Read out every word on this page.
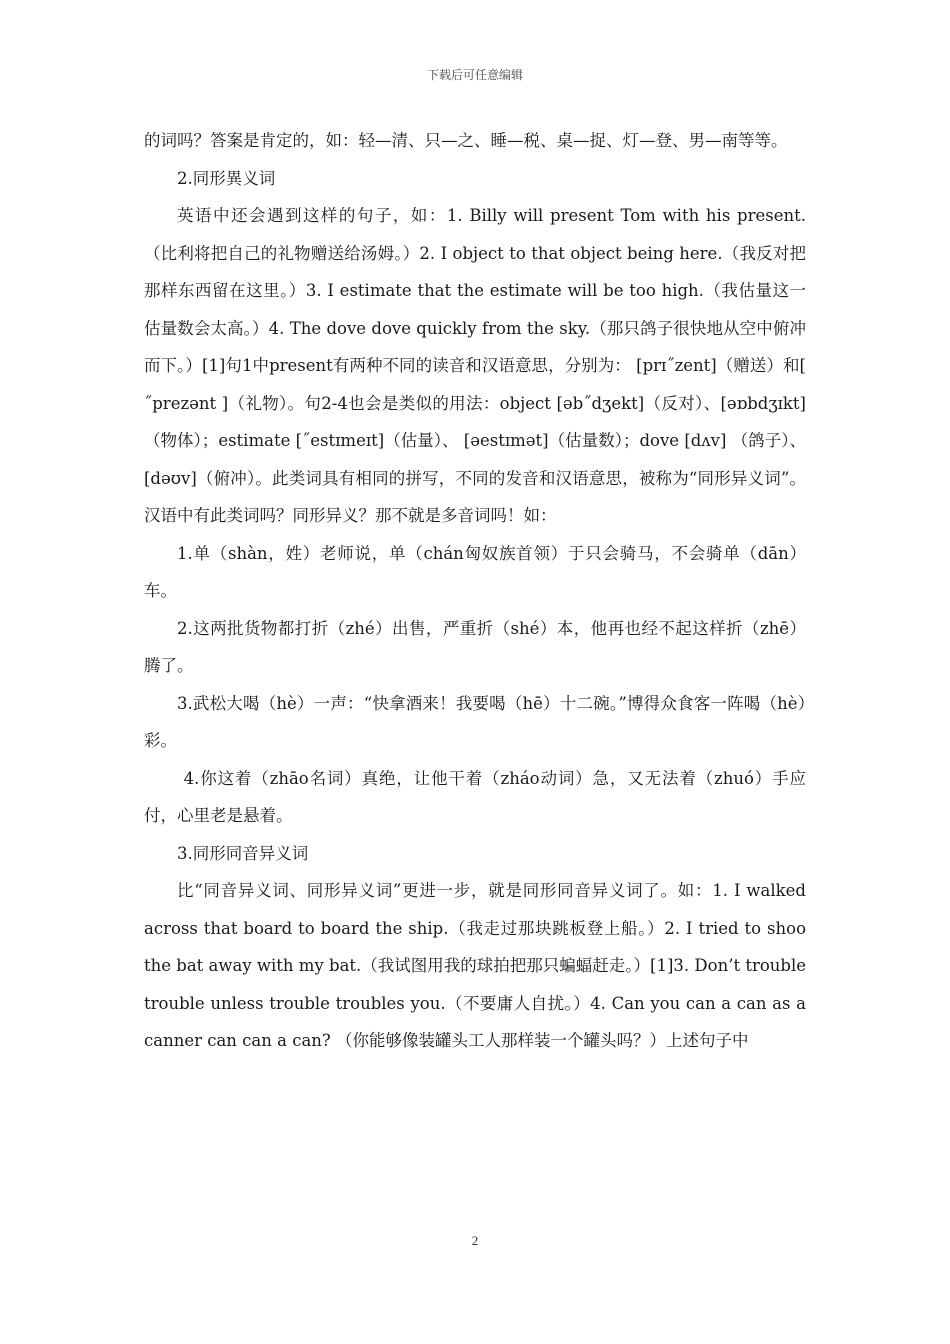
下载后可任意编辑

的词吗？答案是肯定的，如：轻—清、只—之、睡—税、桌—捉、灯—登、男—南等等。

2.同形異义词

英语中还会遇到这样的句子，如：1. Billy will present Tom with his present.（比利将把自己的礼物赠送给汤姆。）2. I object to that object being here.（我反对把那样东西留在这里。）3. I estimate that the estimate will be too high.（我估量这一估量数会太高。）4. The dove dove quickly from the sky.（那只鸽子很快地从空中俯冲而下。）[1]句1中present有两种不同的读音和汉语意思，分别为： [prɪ˝zent]（赠送）和[ ˝prezənt ]（礼物）。句2-4也会是类似的用法：object [əb˝dʒekt]（反对）、[əɒbdʒɪkt]（物体）；estimate [˝estɪmeɪt]（估量）、 [əestɪmət]（估量数）；dove [dʌv] （鸽子）、[dəʊv]（俯冲）。此类词具有相同的拼写，不同的发音和汉语意思，被称为“同形异义词”。汉语中有此类词吗？同形异义？那不就是多音词吗！如：

1.单（shàn，姓）老师说，单（chán匈奴族首领）于只会骑马，不会骑单（dān）车。

2.这两批货物都打折（zhé）出售，严重折（shé）本，他再也经不起这样折（zhē）腾了。

3.武松大喝（hè）一声：“快拿酒来！我要喝（hē）十二碗。”博得众食客一阵喝（hè）彩。

4.你这着（zhāo名词）真绝，让他干着（zháo动词）急，又无法着（zhuó）手应付，心里老是悬着。

3.同形同音异义词

比“同音异义词、同形异义词”更进一步，就是同形同音异义词了。如：1. I walked across that board to board the ship.（我走过那块跳板登上船。）2. I tried to shoo the bat away with my bat.（我试图用我的球拍把那只蝙蝠赶走。）[1]3. Don’t trouble trouble unless trouble troubles you.（不要庸人自扰。）4. Can you can a can as a canner can can a can? （你能够像装罐头工人那样装一个罐头吗？）上述句子中

2
